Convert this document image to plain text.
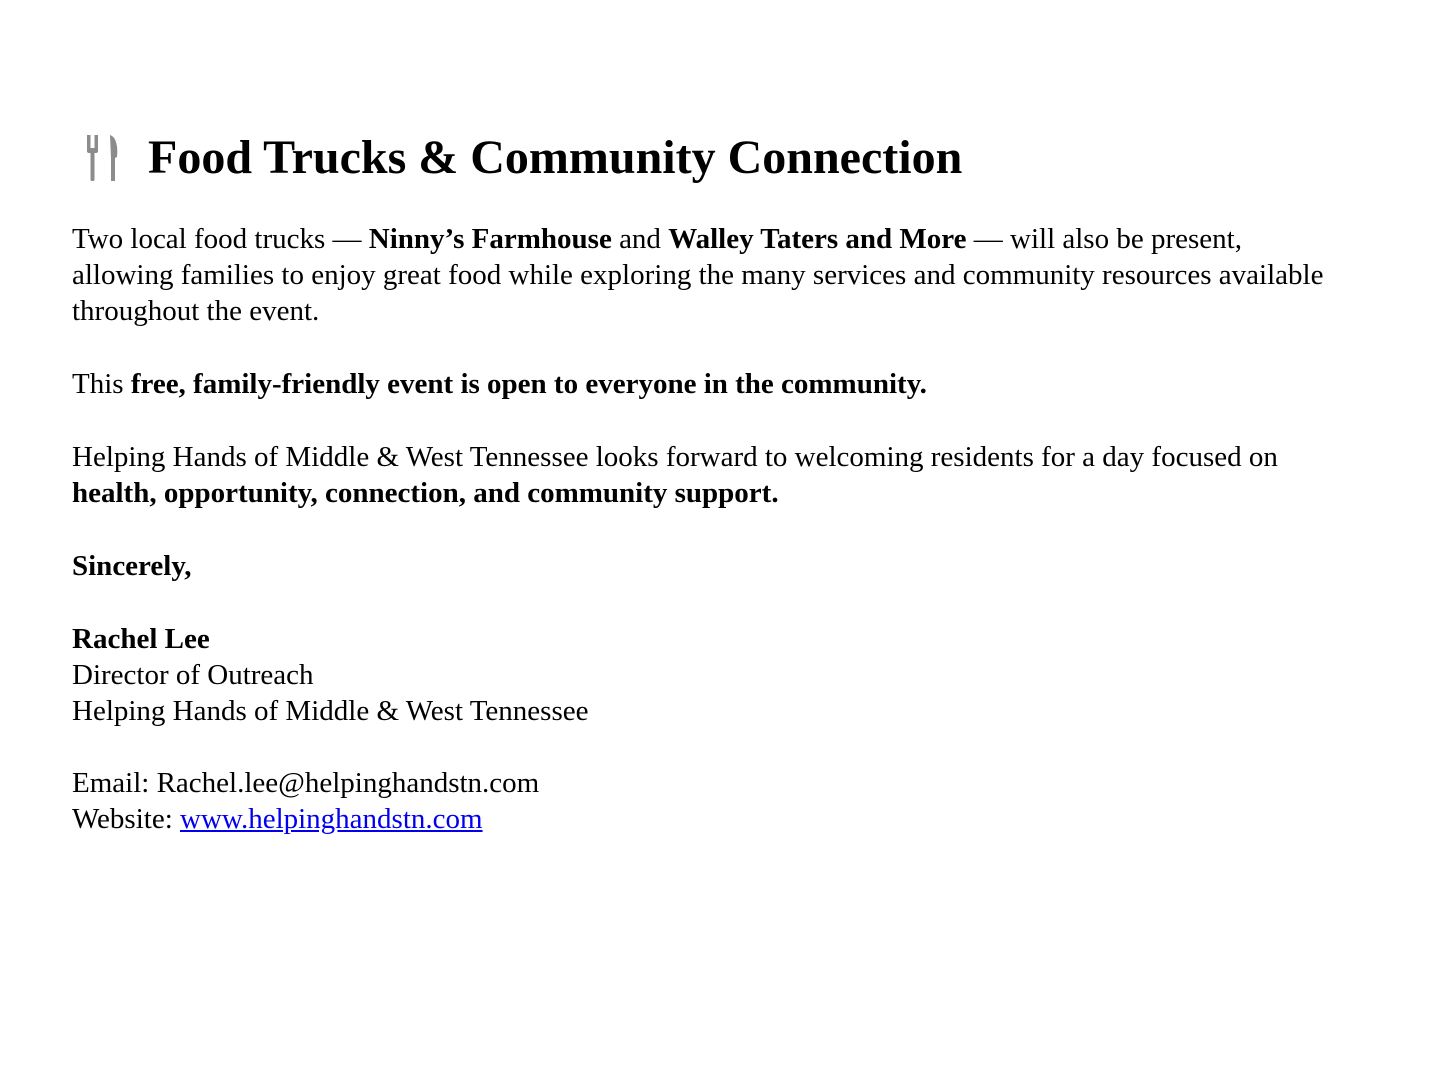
Food Trucks & Community Connection

Two local food trucks — Ninny’s Farmhouse and Walley Taters and More — will also be present, allowing families to enjoy great food while exploring the many services and community resources available throughout the event.

This free, family-friendly event is open to everyone in the community.

Helping Hands of Middle & West Tennessee looks forward to welcoming residents for a day focused on health, opportunity, connection, and community support.

Sincerely,

Rachel Lee

Director of Outreach

Helping Hands of Middle & West Tennessee

Email: Rachel.lee@helpinghandstn.com

Website: www.helpinghandstn.com
